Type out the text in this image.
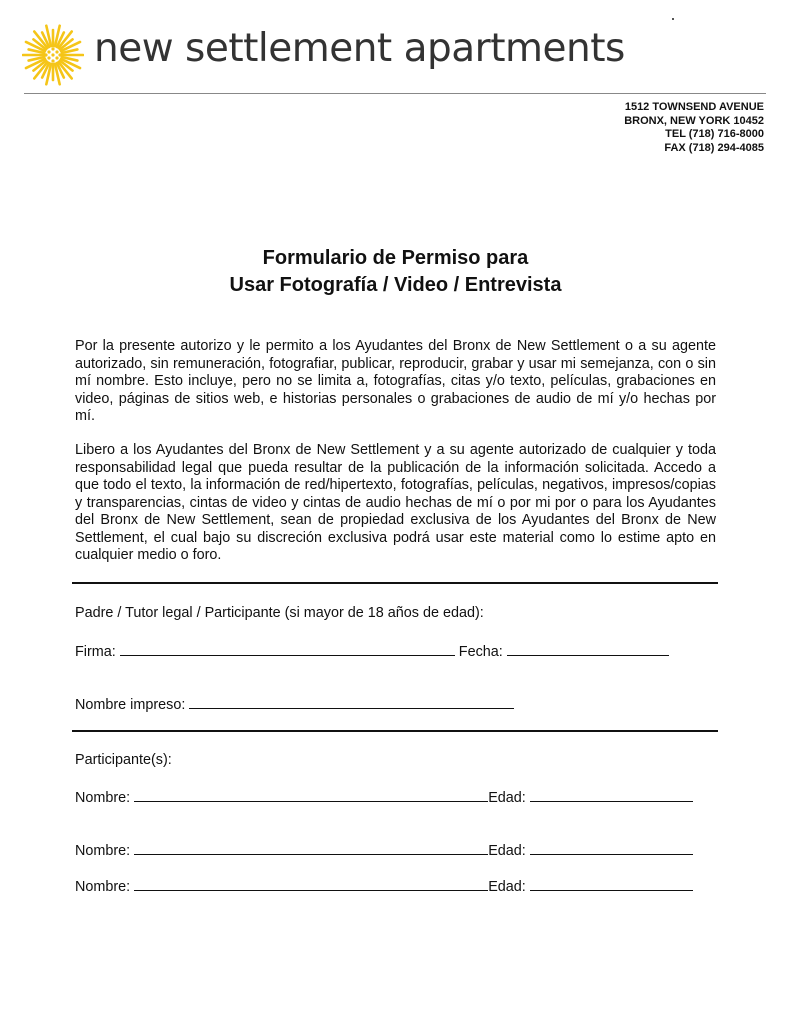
new settlement apartments
1512 TOWNSEND AVENUE
BRONX, NEW YORK 10452
TEL (718) 716-8000
FAX (718) 294-4085
Formulario de Permiso para
Usar Fotografía / Video / Entrevista
Por la presente autorizo y le permito a los Ayudantes del Bronx de New Settlement o a su agente autorizado, sin remuneración, fotografiar, publicar, reproducir, grabar y usar mi semejanza, con o sin mí nombre. Esto incluye, pero no se limita a, fotografías, citas y/o texto, películas, grabaciones en video, páginas de sitios web, e historias personales o grabaciones de audio de mí y/o hechas por mí.
Libero a los Ayudantes del Bronx de New Settlement y a su agente autorizado de cualquier y toda responsabilidad legal que pueda resultar de la publicación de la información solicitada. Accedo a que todo el texto, la información de red/hipertexto, fotografías, películas, negativos, impresos/copias y transparencias, cintas de video y cintas de audio hechas de mí o por mi por o para los Ayudantes del Bronx de New Settlement, sean de propiedad exclusiva de los Ayudantes del Bronx de New Settlement, el cual bajo su discreción exclusiva podrá usar este material como lo estime apto en cualquier medio o foro.
Padre / Tutor legal / Participante (si mayor de 18 años de edad):
Firma:	Fecha:
Nombre impreso:
Participante(s):
Nombre:	Edad:
Nombre:	Edad:
Nombre:	Edad:
